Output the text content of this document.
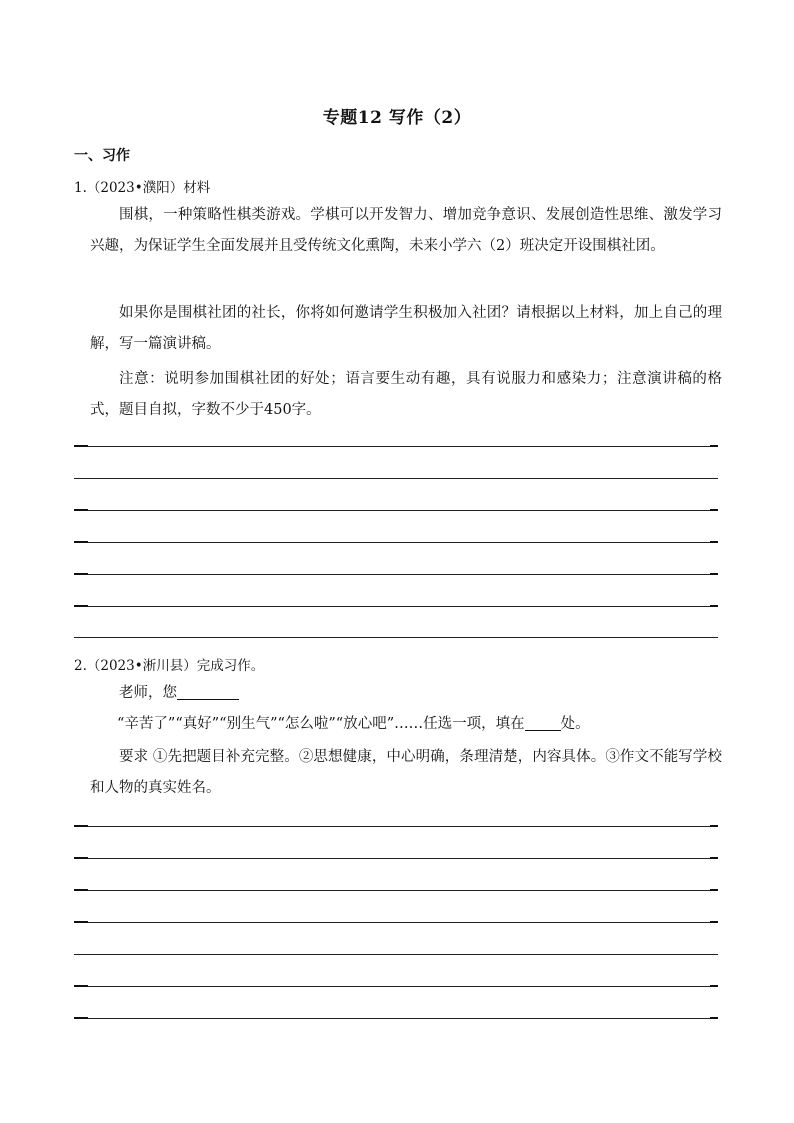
专题12 写作（2）
一、习作
1.（2023•濮阳）材料
围棋，一种策略性棋类游戏。学棋可以开发智力、增加竞争意识、发展创造性思维、激发学习兴趣，为保证学生全面发展并且受传统文化熏陶，未来小学六（2）班决定开设围棋社团。
如果你是围棋社团的社长，你将如何邀请学生积极加入社团？请根据以上材料，加上自己的理解，写一篇演讲稿。
注意：说明参加围棋社团的好处；语言要生动有趣，具有说服力和感染力；注意演讲稿的格式，题目自拟，字数不少于450字。
2.（2023•淅川县）完成习作。
老师，您
“辛苦了”“真好”“别生气”“怎么啦”“放心吧”……任选一项，填在 处。
要求 ①先把题目补充完整。②思想健康，中心明确，条理清楚，内容具体。③作文不能写学校和人物的真实姓名。
